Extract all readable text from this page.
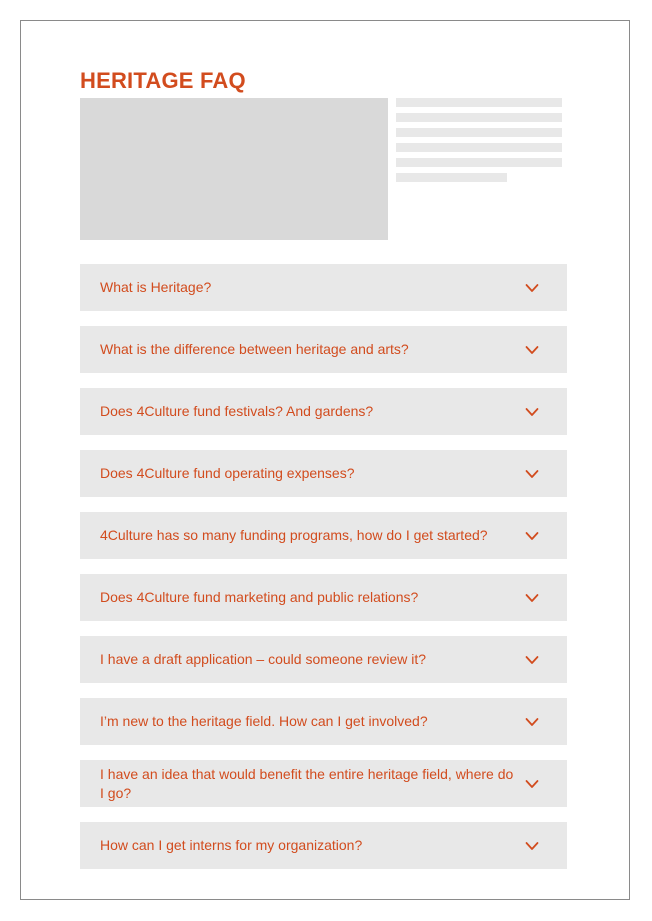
HERITAGE FAQ
What is Heritage?
What is the difference between heritage and arts?
Does 4Culture fund festivals? And gardens?
Does 4Culture fund operating expenses?
4Culture has so many funding programs, how do I get started?
Does 4Culture fund marketing and public relations?
I have a draft application – could someone review it?
I’m new to the heritage field. How can I get involved?
I have an idea that would benefit the entire heritage field, where do I go?
How can I get interns for my organization?
